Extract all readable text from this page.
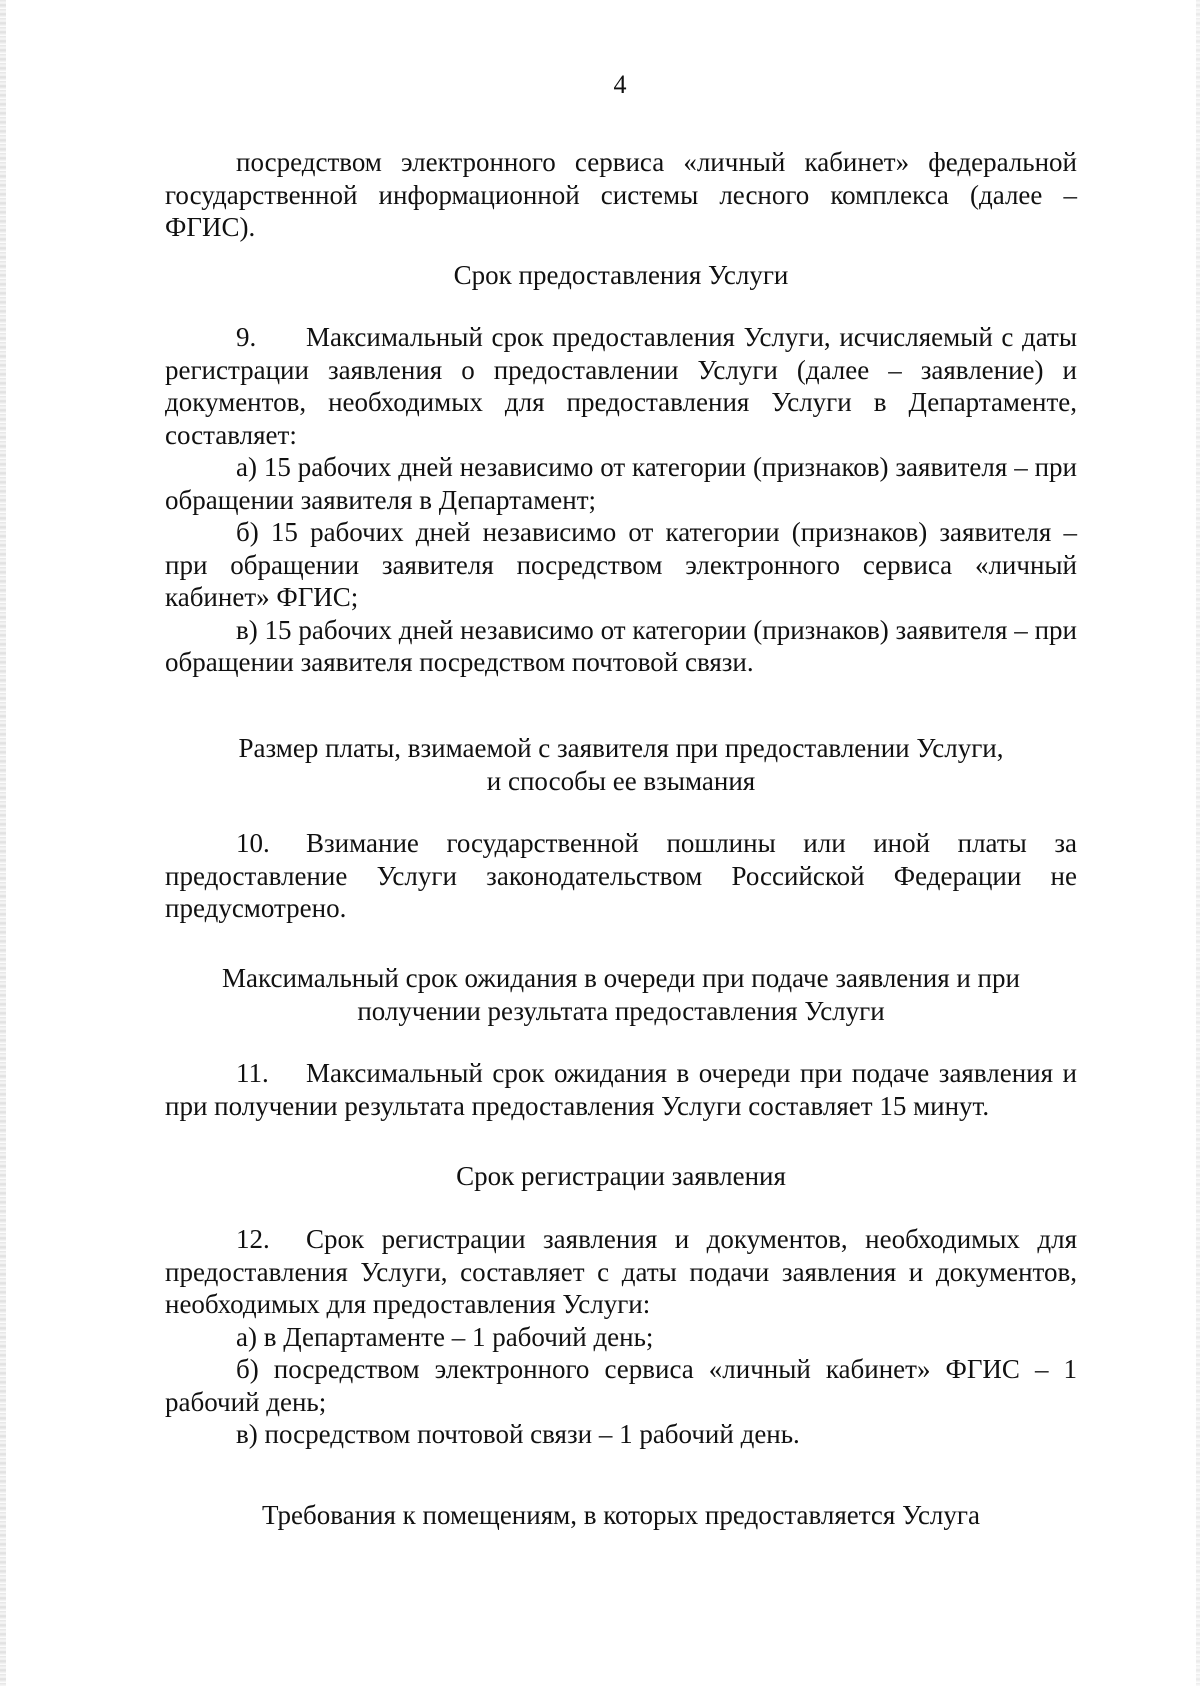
4

посредством электронного сервиса «личный кабинет» федеральной государственной информационной системы лесного комплекса (далее – ФГИС).

Срок предоставления Услуги

9. Максимальный срок предоставления Услуги, исчисляемый с даты регистрации заявления о предоставлении Услуги (далее – заявление) и документов, необходимых для предоставления Услуги в Департаменте, составляет:

а) 15 рабочих дней независимо от категории (признаков) заявителя – при обращении заявителя в Департамент;

б) 15 рабочих дней независимо от категории (признаков) заявителя – при обращении заявителя посредством электронного сервиса «личный кабинет» ФГИС;

в) 15 рабочих дней независимо от категории (признаков) заявителя – при обращении заявителя посредством почтовой связи.

Размер платы, взимаемой с заявителя при предоставлении Услуги,
и способы ее взымания

10. Взимание государственной пошлины или иной платы за предоставление Услуги законодательством Российской Федерации не предусмотрено.

Максимальный срок ожидания в очереди при подаче заявления и при
получении результата предоставления Услуги

11. Максимальный срок ожидания в очереди при подаче заявления и при получении результата предоставления Услуги составляет 15 минут.

Срок регистрации заявления

12. Срок регистрации заявления и документов, необходимых для предоставления Услуги, составляет с даты подачи заявления и документов, необходимых для предоставления Услуги:

а) в Департаменте – 1 рабочий день;

б) посредством электронного сервиса «личный кабинет» ФГИС – 1 рабочий день;

в) посредством почтовой связи – 1 рабочий день.

Требования к помещениям, в которых предоставляется Услуга
